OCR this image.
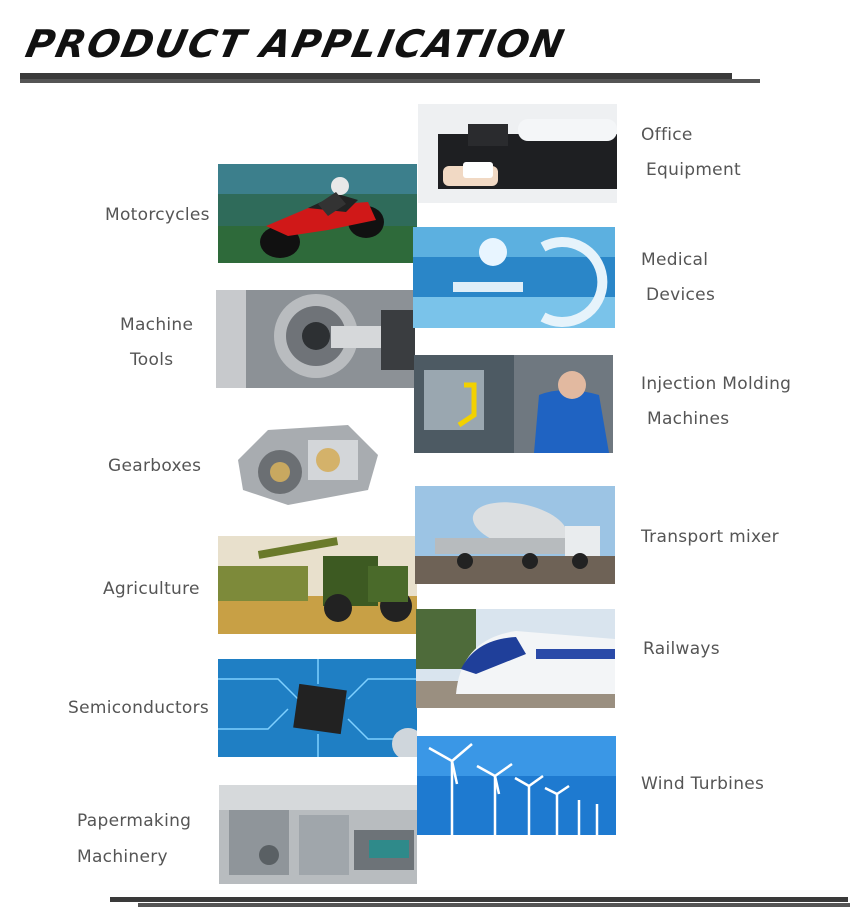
PRODUCT APPLICATION
Motorcycles
Machine
Tools
Gearboxes
Agriculture
Semiconductors
Papermaking
Machinery
Office
Equipment
Medical
Devices
Injection Molding
Machines
Transport mixer
Railways
Wind Turbines
